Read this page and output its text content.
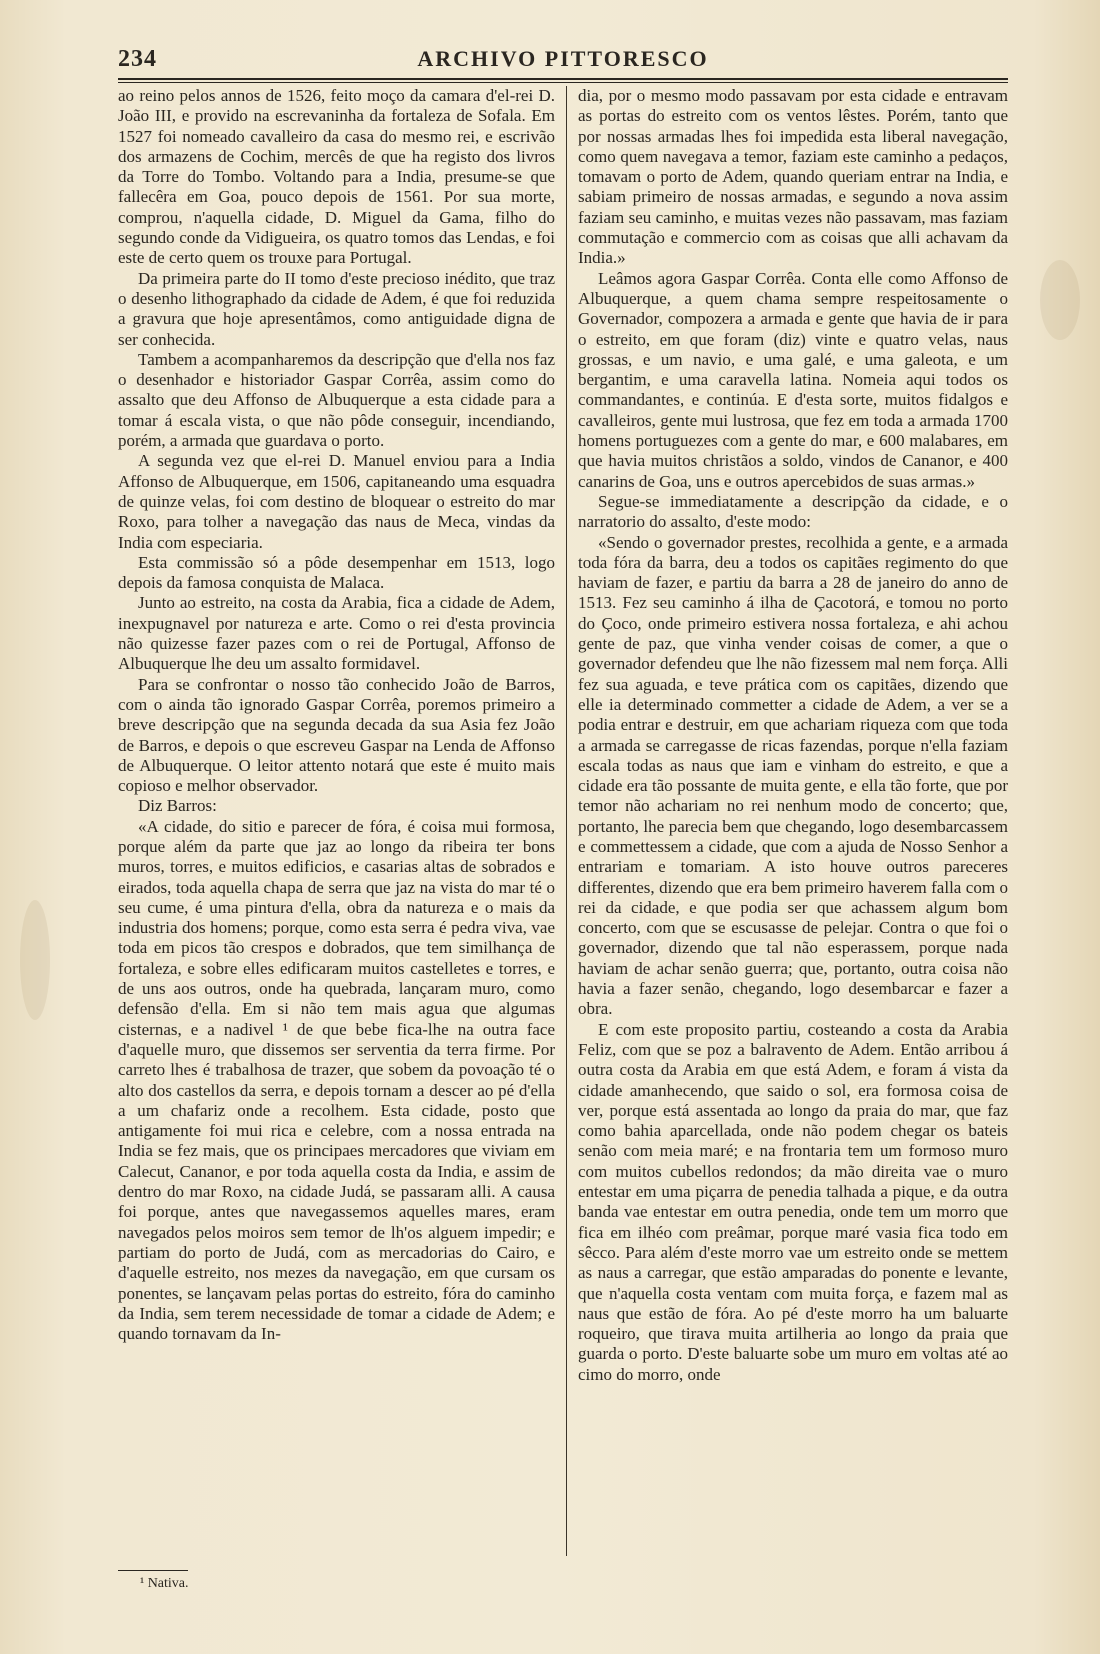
234	ARCHIVO PITTORESCO

ao reino pelos annos de 1526, feito moço da camara d'el-rei D. João III, e provido na escrevaninha da fortaleza de Sofala. Em 1527 foi nomeado cavalleiro da casa do mesmo rei, e escrivão dos armazens de Cochim, mercês de que ha registo dos livros da Torre do Tombo. Voltando para a India, presume-se que fallecêra em Goa, pouco depois de 1561. Por sua morte, comprou, n'aquella cidade, D. Miguel da Gama, filho do segundo conde da Vidigueira, os quatro tomos das Lendas, e foi este de certo quem os trouxe para Portugal.

Da primeira parte do II tomo d'este precioso inédito, que traz o desenho lithographado da cidade de Adem, é que foi reduzida a gravura que hoje apresentâmos, como antiguidade digna de ser conhecida.

Tambem a acompanharemos da descripção que d'ella nos faz o desenhador e historiador Gaspar Corrêa, assim como do assalto que deu Affonso de Albuquerque a esta cidade para a tomar á escala vista, o que não pôde conseguir, incendiando, porém, a armada que guardava o porto.

A segunda vez que el-rei D. Manuel enviou para a India Affonso de Albuquerque, em 1506, capitaneando uma esquadra de quinze velas, foi com destino de bloquear o estreito do mar Roxo, para tolher a navegação das naus de Meca, vindas da India com especiaria.

Esta commissão só a pôde desempenhar em 1513, logo depois da famosa conquista de Malaca.

Junto ao estreito, na costa da Arabia, fica a cidade de Adem, inexpugnavel por natureza e arte. Como o rei d'esta provincia não quizesse fazer pazes com o rei de Portugal, Affonso de Albuquerque lhe deu um assalto formidavel.

Para se confrontar o nosso tão conhecido João de Barros, com o ainda tão ignorado Gaspar Corrêa, poremos primeiro a breve descripção que na segunda decada da sua Asia fez João de Barros, e depois o que escreveu Gaspar na Lenda de Affonso de Albuquerque. O leitor attento notará que este é muito mais copioso e melhor observador.

Diz Barros:

«A cidade, do sitio e parecer de fóra, é coisa mui formosa, porque além da parte que jaz ao longo da ribeira ter bons muros, torres, e muitos edificios, e casarias altas de sobrados e eirados, toda aquella chapa de serra que jaz na vista do mar té o seu cume, é uma pintura d'ella, obra da natureza e o mais da industria dos homens; porque, como esta serra é pedra viva, vae toda em picos tão crespos e dobrados, que tem similhança de fortaleza, e sobre elles edificaram muitos castelletes e torres, e de uns aos outros, onde ha quebrada, lançaram muro, como defensão d'ella. Em si não tem mais agua que algumas cisternas, e a nadivel ¹ de que bebe fica-lhe na outra face d'aquelle muro, que dissemos ser serventia da terra firme. Por carreto lhes é trabalhosa de trazer, que sobem da povoação té o alto dos castellos da serra, e depois tornam a descer ao pé d'ella a um chafariz onde a recolhem. Esta cidade, posto que antigamente foi mui rica e celebre, com a nossa entrada na India se fez mais, que os principaes mercadores que viviam em Calecut, Cananor, e por toda aquella costa da India, e assim de dentro do mar Roxo, na cidade Judá, se passaram alli. A causa foi porque, antes que navegassemos aquelles mares, eram navegados pelos moiros sem temor de lh'os alguem impedir; e partiam do porto de Judá, com as mercadorias do Cairo, e d'aquelle estreito, nos mezes da navegação, em que cursam os ponentes, se lançavam pelas portas do estreito, fóra do caminho da India, sem terem necessidade de tomar a cidade de Adem; e quando tornavam da In-

dia, por o mesmo modo passavam por esta cidade e entravam as portas do estreito com os ventos lêstes. Porém, tanto que por nossas armadas lhes foi impedida esta liberal navegação, como quem navegava a temor, faziam este caminho a pedaços, tomavam o porto de Adem, quando queriam entrar na India, e sabiam primeiro de nossas armadas, e segundo a nova assim faziam seu caminho, e muitas vezes não passavam, mas faziam commutação e commercio com as coisas que alli achavam da India.»

Leâmos agora Gaspar Corrêa. Conta elle como Affonso de Albuquerque, a quem chama sempre respeitosamente o Governador, compozera a armada e gente que havia de ir para o estreito, em que foram (diz) vinte e quatro velas, naus grossas, e um navio, e uma galé, e uma galeota, e um bergantim, e uma caravella latina. Nomeia aqui todos os commandantes, e continúa. E d'esta sorte, muitos fidalgos e cavalleiros, gente mui lustrosa, que fez em toda a armada 1700 homens portuguezes com a gente do mar, e 600 malabares, em que havia muitos christãos a soldo, vindos de Cananor, e 400 canarins de Goa, uns e outros apercebidos de suas armas.»

Segue-se immediatamente a descripção da cidade, e o narratorio do assalto, d'este modo:

«Sendo o governador prestes, recolhida a gente, e a armada toda fóra da barra, deu a todos os capitães regimento do que haviam de fazer, e partiu da barra a 28 de janeiro do anno de 1513. Fez seu caminho á ilha de Çacotorá, e tomou no porto do Çoco, onde primeiro estivera nossa fortaleza, e ahi achou gente de paz, que vinha vender coisas de comer, a que o governador defendeu que lhe não fizessem mal nem força. Alli fez sua aguada, e teve prática com os capitães, dizendo que elle ia determinado commetter a cidade de Adem, a ver se a podia entrar e destruir, em que achariam riqueza com que toda a armada se carregasse de ricas fazendas, porque n'ella faziam escala todas as naus que iam e vinham do estreito, e que a cidade era tão possante de muita gente, e ella tão forte, que por temor não achariam no rei nenhum modo de concerto; que, portanto, lhe parecia bem que chegando, logo desembarcassem e commettessem a cidade, que com a ajuda de Nosso Senhor a entrariam e tomariam. A isto houve outros pareceres differentes, dizendo que era bem primeiro haverem falla com o rei da cidade, e que podia ser que achassem algum bom concerto, com que se escusasse de pelejar. Contra o que foi o governador, dizendo que tal não esperassem, porque nada haviam de achar senão guerra; que, portanto, outra coisa não havia a fazer senão, chegando, logo desembarcar e fazer a obra.

E com este proposito partiu, costeando a costa da Arabia Feliz, com que se poz a balravento de Adem. Então arribou á outra costa da Arabia em que está Adem, e foram á vista da cidade amanhecendo, que saido o sol, era formosa coisa de ver, porque está assentada ao longo da praia do mar, que faz como bahia aparcellada, onde não podem chegar os bateis senão com meia maré; e na frontaria tem um formoso muro com muitos cubellos redondos; da mão direita vae o muro entestar em uma piçarra de penedia talhada a pique, e da outra banda vae entestar em outra penedia, onde tem um morro que fica em ilhéo com preâmar, porque maré vasia fica todo em sêcco. Para além d'este morro vae um estreito onde se mettem as naus a carregar, que estão amparadas do ponente e levante, que n'aquella costa ventam com muita força, e fazem mal as naus que estão de fóra. Ao pé d'este morro ha um baluarte roqueiro, que tirava muita artilheria ao longo da praia que guarda o porto. D'este baluarte sobe um muro em voltas até ao cimo do morro, onde

¹ Nativa.
